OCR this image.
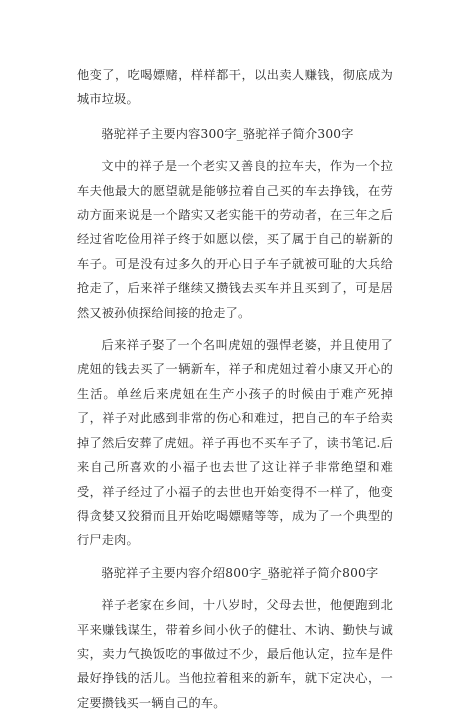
他变了，吃喝嫖赌，样样都干，以出卖人赚钱，彻底成为城市垃圾。

骆驼祥子主要内容300字_骆驼祥子简介300字

文中的祥子是一个老实又善良的拉车夫，作为一个拉车夫他最大的愿望就是能够拉着自己买的车去挣钱，在劳动方面来说是一个踏实又老实能干的劳动者，在三年之后经过省吃俭用祥子终于如愿以偿，买了属于自己的崭新的车子。可是没有过多久的开心日子车子就被可耻的大兵给抢走了，后来祥子继续又攒钱去买车并且买到了，可是居然又被孙侦探给间接的抢走了。

后来祥子娶了一个名叫虎妞的强悍老婆，并且使用了虎妞的钱去买了一辆新车，祥子和虎妞过着小康又开心的生活。单丝后来虎妞在生产小孩子的时候由于难产死掉了，祥子对此感到非常的伤心和难过，把自己的车子给卖掉了然后安葬了虎妞。祥子再也不买车子了，读书笔记.后来自己所喜欢的小福子也去世了这让祥子非常绝望和难受，祥子经过了小福子的去世也开始变得不一样了，他变得贪婪又狡猾而且开始吃喝嫖赌等等，成为了一个典型的行尸走肉。

骆驼祥子主要内容介绍800字_骆驼祥子简介800字

祥子老家在乡间，十八岁时，父母去世，他便跑到北平来赚钱谋生，带着乡间小伙子的健壮、木讷、勤快与诚实，卖力气换饭吃的事做过不少，最后他认定，拉车是件最好挣钱的活儿。当他拉着租来的新车，就下定决心，一定要攒钱买一辆自己的车。
